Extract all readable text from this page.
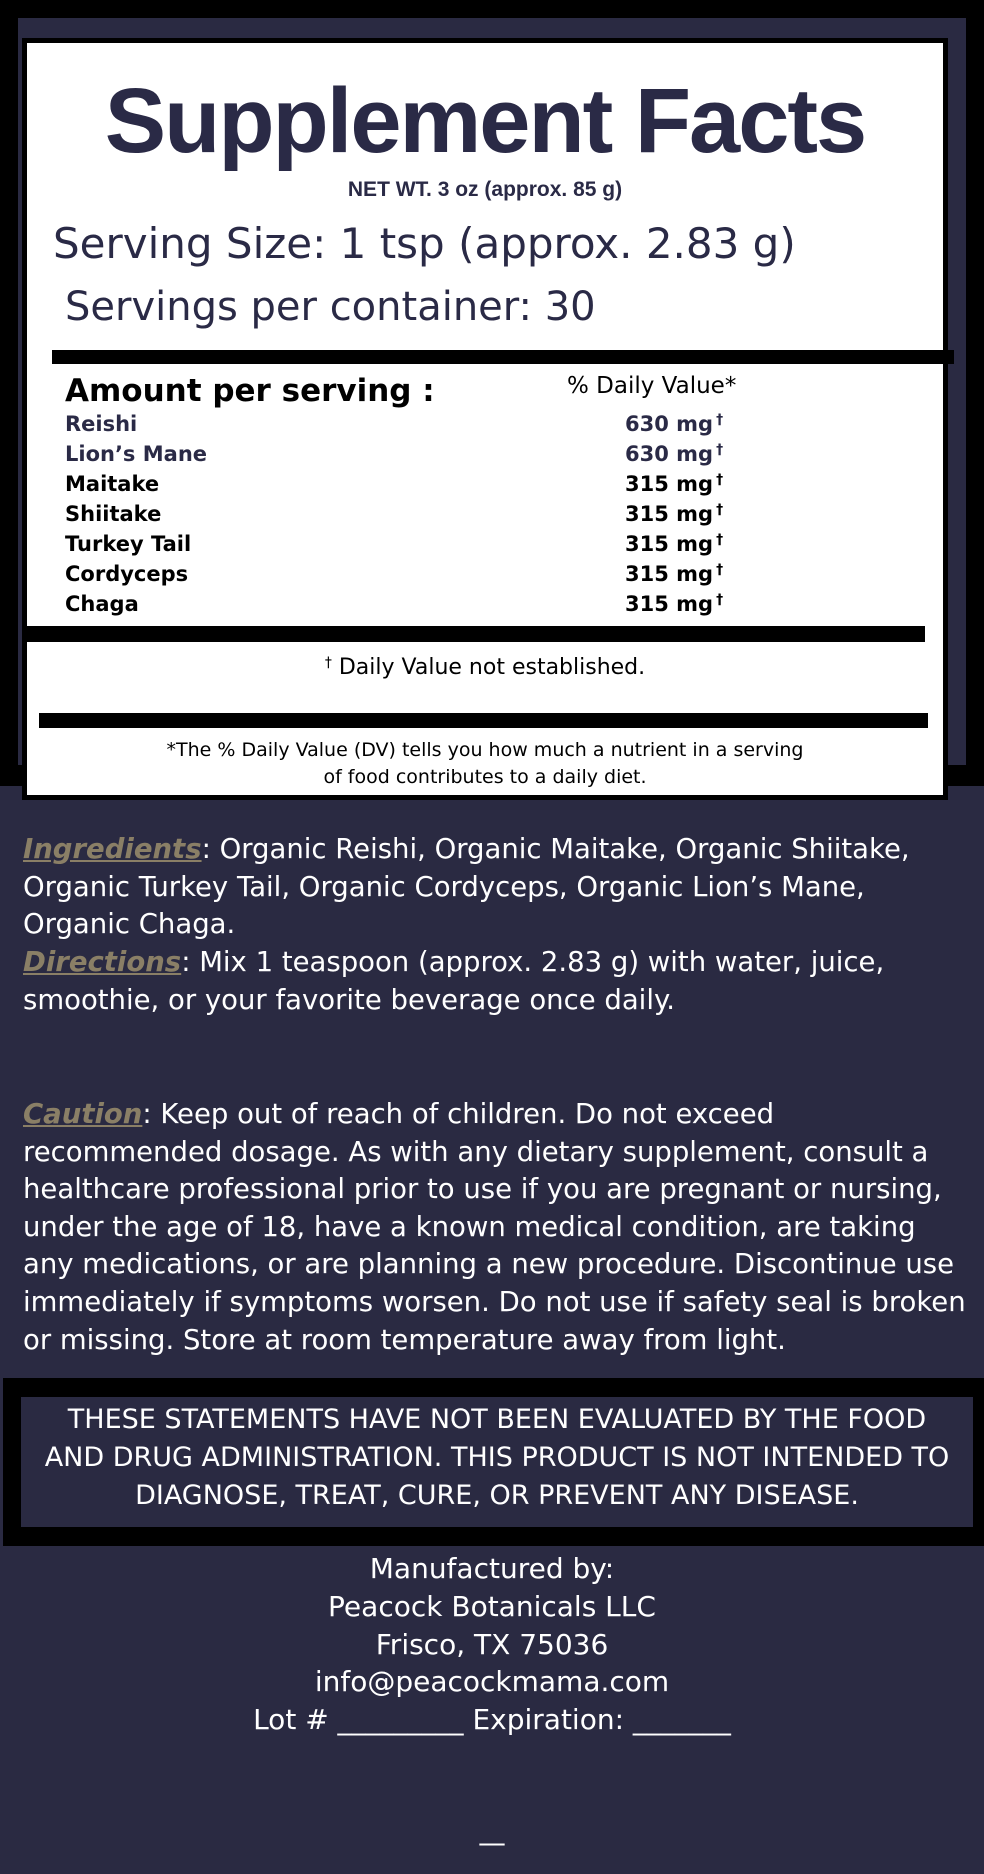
Supplement Facts
NET WT. 3 oz (approx. 85 g)
Serving Size: 1 tsp (approx. 2.83 g)
Servings per container: 30
Amount per serving :	% Daily Value*
Reishi	630 mg †
Lion’s Mane	630 mg †
Maitake	315 mg †
Shiitake	315 mg †
Turkey Tail	315 mg †
Cordyceps	315 mg †
Chaga	315 mg †
† Daily Value not established.
*The % Daily Value (DV) tells you how much a nutrient in a serving
of food contributes to a daily diet.
Ingredients: Organic Reishi, Organic Maitake, Organic Shiitake, Organic Turkey Tail, Organic Cordyceps, Organic Lion’s Mane, Organic Chaga.
Directions: Mix 1 teaspoon (approx. 2.83 g) with water, juice, smoothie, or your favorite beverage once daily.
Caution: Keep out of reach of children. Do not exceed recommended dosage. As with any dietary supplement, consult a healthcare professional prior to use if you are pregnant or nursing, under the age of 18, have a known medical condition, are taking any medications, or are planning a new procedure. Discontinue use immediately if symptoms worsen. Do not use if safety seal is broken or missing. Store at room temperature away from light.
THESE STATEMENTS HAVE NOT BEEN EVALUATED BY THE FOOD
AND DRUG ADMINISTRATION. THIS PRODUCT IS NOT INTENDED TO
DIAGNOSE, TREAT, CURE, OR PREVENT ANY DISEASE.
Manufactured by:
Peacock Botanicals LLC
Frisco, TX 75036
info@peacockmama.com
Lot # _________ Expiration: _______
—
